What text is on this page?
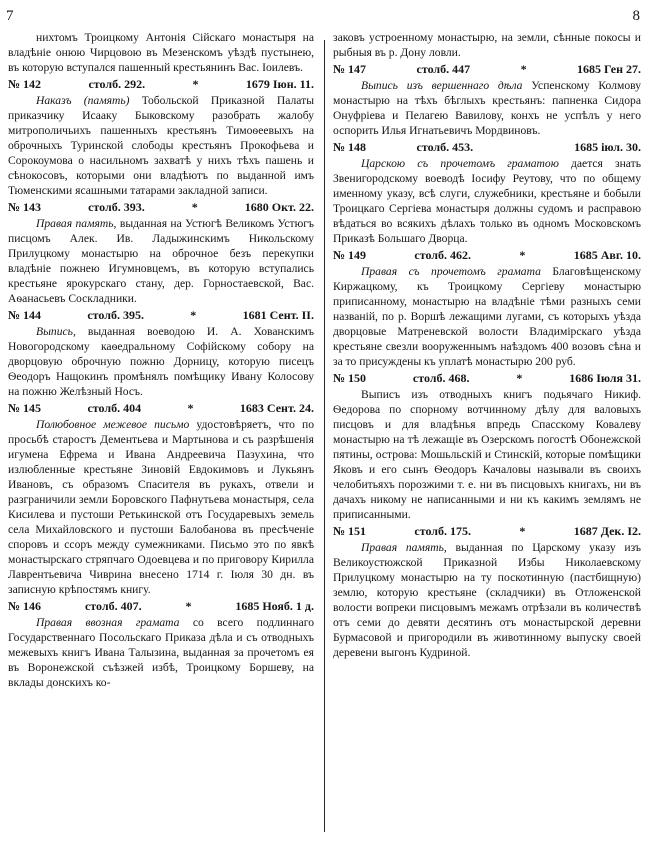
7	8

нихтомъ Троицкому Антонія Сійскаго монастыря на владѣніе онюю Чирцовою въ Мезенскомъ уѣздѣ пустынею, въ которую вступался пашенный крестьянинъ Вас. Іоилевъ.

№ 142	столб. 292.	*	1679 Іюн. 11.

Наказъ (память) Тобольской Приказной Палаты приказчику Исааку Быковскому разобрать жалобу митрополичьихъ пашенныхъ крестьянъ Тимоѳеевыхъ на оброчныхъ Туринской слободы крестьянъ Прокофьева и Сорокоумова о насильномъ захватѣ у нихъ тѣхъ пашень и сѣнокосовъ, которыми они владѣютъ по выданной имъ Тюменскими ясашными татарами закладной записи.

№ 143	столб. 393.	*	1680 Окт. 22.

Правая память, выданная на Устюгѣ Великомъ Устюгъ писцомъ Алек. Ив. Ладыжинскимъ Никольскому Прилуцкому монастырю на оброчное безъ перекупки владѣніе пожнею Игумновцемъ, въ которую вступались крестьяне ярокурскаго стану, дер. Горностаевской, Вас. Аѳанасьевъ Соскладники.

№ 144	столб. 395.	*	1681 Сент. II.

Выпись, выданная воеводою И. А. Хованскимъ Новогородскому каѳедральному Софійскому собору на дворцовую оброчную пожню Дорницу, которую писецъ Ѳеодоръ Нащокинъ промѣнялъ помѣщику Ивану Колосову на пожню Желѣзный Носъ.

№ 145	столб. 404	*	1683 Сент. 24.

Полюбовное межевое письмо удостовѣряетъ, что по просьбѣ старостъ Дементьева и Мартынова и съ разрѣшенія игумена Ефрема и Ивана Андреевича Пазухина, что излюбленные крестьяне Зиновій Евдокимовъ и Лукьянъ Ивановъ, съ образомъ Спасителя въ рукахъ, отвели и разграничили земли Боровского Пафнутьева монастыря, села Кисилева и пустоши Ретькинской отъ Государевыхъ земель села Михайловского и пустоши Балобанова въ пресѣченіе споровъ и ссоръ между сумежниками. Письмо это по явкѣ монастырскаго стряпчаго Одоевцева и по приговору Кирилла Лаврентьевича Чиврина внесено 1714 г. Іюля 30 дн. въ записную крѣпостямъ книгу.

№ 146	столб. 407.	*	1685 Нояб. 1 д.

Правая ввозная грамата со всего подлиннаго Государственнаго Посольскаго Приказа дѣла и съ отводныхъ межевыхъ книгъ Ивана Талызина, выданная за прочетомъ ея въ Воронежской съѣзжей избѣ, Троицкому Боршеву, на вклады донскихъ ко-

заковъ устроенному монастырю, на земли, сѣнные покосы и рыбныя въ р. Дону ловли.

№ 147	столб. 447	*	1685 Ген 27.

Выпись изъ вершеннаго дѣла Успенскому Колмову монастырю на тѣхъ бѣглыхъ крестьянъ: папненка Сидора Онуфріева и Пелагею Вавилову, конхъ не успѣлъ у него оспорить Илья Игнатьевичъ Мордвиновъ.

№ 148	столб. 453.	1685 іюл. 30.

Царскою съ прочетомъ граматою дается знать Звенигородскому воеводѣ Іосифу Реутову, что по общему именному указу, всѣ слуги, служебники, крестьяне и бобыли Троицкаго Сергіева монастыря должны судомъ и расправою вѣдаться во всякихъ дѣлахъ только въ одномъ Московскомъ Приказѣ Большаго Дворца.

№ 149	столб. 462.	*	1685 Авг. 10.

Правая съ прочетомъ грамата Благовѣщенскому Киржацкому, къ Троицкому Сергіеву монастырю приписанному, монастырю на владѣніе тѣми разныхъ семи названій, по р. Воршѣ лежащими лугами, съ которыхъ уѣзда дворцовые Матреневской волости Владимірскаго уѣзда крестьяне свезли вооруженнымъ наѣздомъ 400 возовъ сѣна и за то присуждены къ уплатѣ монастырю 200 руб.

№ 150	столб. 468.	*	1686 Іюля 31.

Выписъ изъ отводныхъ книгъ подьячаго Никиф. Ѳедорова по спорному вотчинному дѣлу для валовыхъ писцовъ и для владѣнья впредь Спасскому Ковалеву монастырю на тѣ лежащіе въ Озерскомъ погостѣ Обонежской пятины, острова: Мошьльскій и Стинскій, которые помѣщики Яковъ и его сынъ Ѳеодоръ Качаловы называли въ своихъ челобитьяхъ порозжими т. е. ни въ писцовыхъ книгахъ, ни въ дачахъ никому не написанными и ни къ какимъ землямъ не приписанными.

№ 151	столб. 175.	*	1687 Дек. I2.

Правая память, выданная по Царскому указу изъ Великоустюжской Приказной Избы Николаевскому Прилуцкому монастырю на ту поскотинную (пастбищную) землю, которую крестьяне (складчики) въ Отложенской волости вопреки писцовымъ межамъ отрѣзали въ количествѣ отъ семи до девяти десятинъ отъ монастырской деревни Бурмасовой и пригородили въ животинному выпуску своей деревени выгонъ Кудриной.
